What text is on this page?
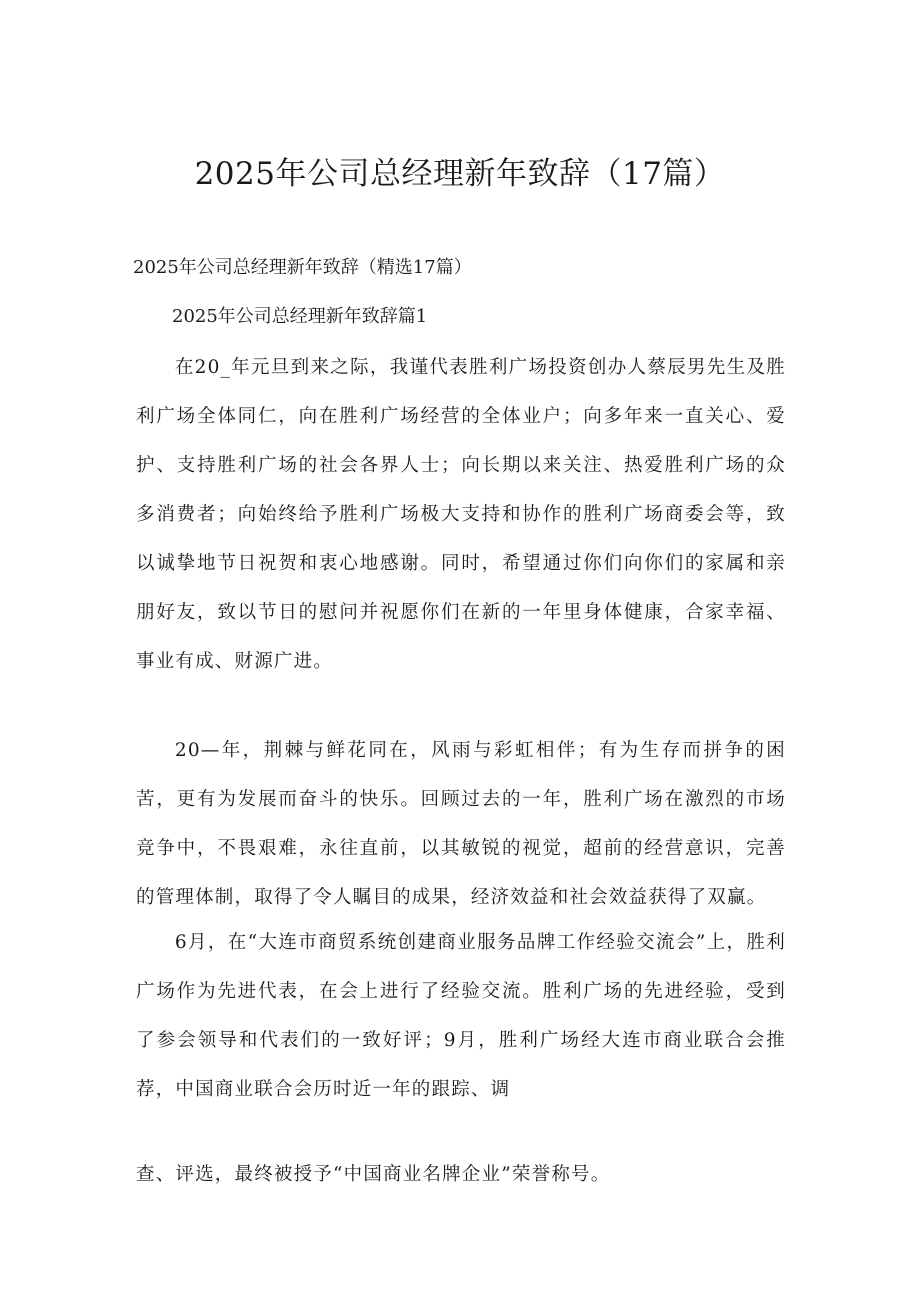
2025年公司总经理新年致辞（17篇）
2025年公司总经理新年致辞（精选17篇）
2025年公司总经理新年致辞篇1

在20_年元旦到来之际，我谨代表胜利广场投资创办人蔡辰男先生及胜利广场全体同仁，向在胜利广场经营的全体业户；向多年来一直关心、爱护、支持胜利广场的社会各界人士；向长期以来关注、热爱胜利广场的众多消费者；向始终给予胜利广场极大支持和协作的胜利广场商委会等，致以诚挚地节日祝贺和衷心地感谢。同时，希望通过你们向你们的家属和亲朋好友，致以节日的慰问并祝愿你们在新的一年里身体健康，合家幸福、事业有成、财源广进。

20—年，荆棘与鲜花同在，风雨与彩虹相伴；有为生存而拼争的困苦，更有为发展而奋斗的快乐。回顾过去的一年，胜利广场在激烈的市场竞争中，不畏艰难，永往直前，以其敏锐的视觉，超前的经营意识，完善的管理体制，取得了令人瞩目的成果，经济效益和社会效益获得了双赢。

6月，在“大连市商贸系统创建商业服务品牌工作经验交流会”上，胜利广场作为先进代表，在会上进行了经验交流。胜利广场的先进经验，受到了参会领导和代表们的一致好评；9月，胜利广场经大连市商业联合会推荐，中国商业联合会历时近一年的跟踪、调

查、评选，最终被授予“中国商业名牌企业”荣誉称号。
